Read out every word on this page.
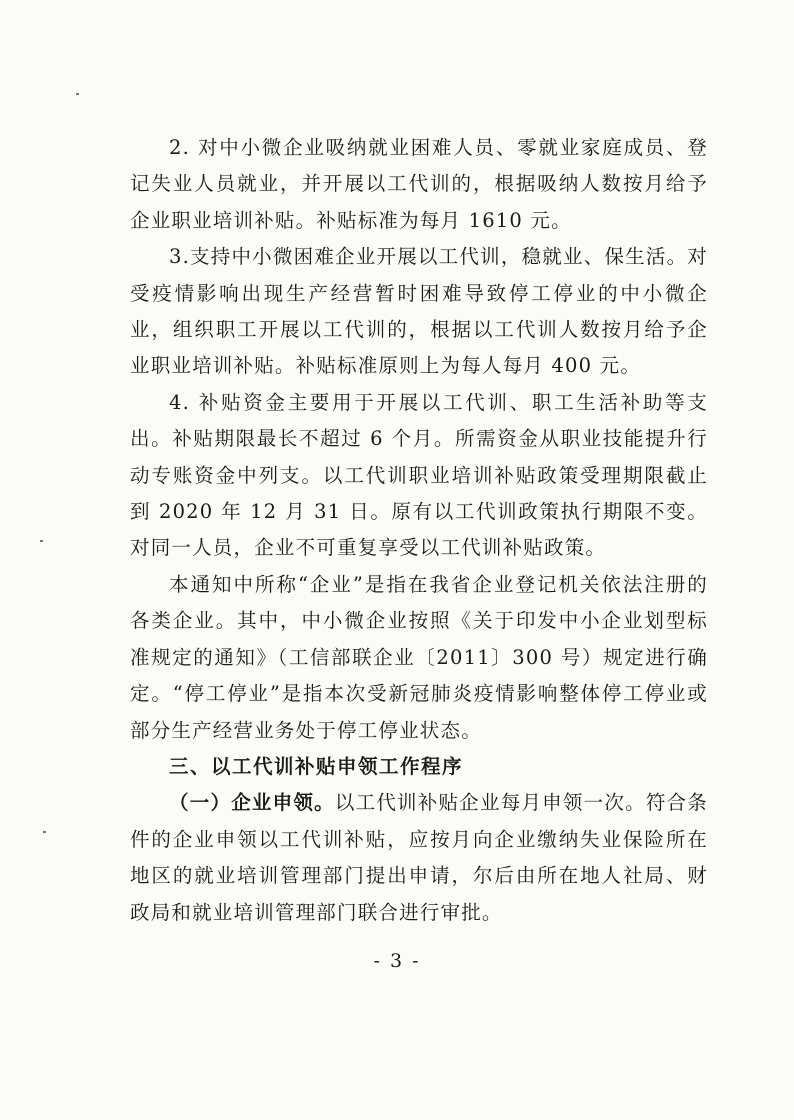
2. 对中小微企业吸纳就业困难人员、零就业家庭成员、登记失业人员就业，并开展以工代训的，根据吸纳人数按月给予企业职业培训补贴。补贴标准为每月 1610 元。

3.支持中小微困难企业开展以工代训，稳就业、保生活。对受疫情影响出现生产经营暂时困难导致停工停业的中小微企业，组织职工开展以工代训的，根据以工代训人数按月给予企业职业培训补贴。补贴标准原则上为每人每月 400 元。

4. 补贴资金主要用于开展以工代训、职工生活补助等支出。补贴期限最长不超过 6 个月。所需资金从职业技能提升行动专账资金中列支。以工代训职业培训补贴政策受理期限截止到 2020 年 12 月 31 日。原有以工代训政策执行期限不变。对同一人员，企业不可重复享受以工代训补贴政策。

本通知中所称“企业”是指在我省企业登记机关依法注册的各类企业。其中，中小微企业按照《关于印发中小企业划型标准规定的通知》（工信部联企业〔2011〕300 号）规定进行确定。“停工停业”是指本次受新冠肺炎疫情影响整体停工停业或部分生产经营业务处于停工停业状态。

三、以工代训补贴申领工作程序

（一）企业申领。以工代训补贴企业每月申领一次。符合条件的企业申领以工代训补贴，应按月向企业缴纳失业保险所在地区的就业培训管理部门提出申请，尔后由所在地人社局、财政局和就业培训管理部门联合进行审批。

- 3 -
